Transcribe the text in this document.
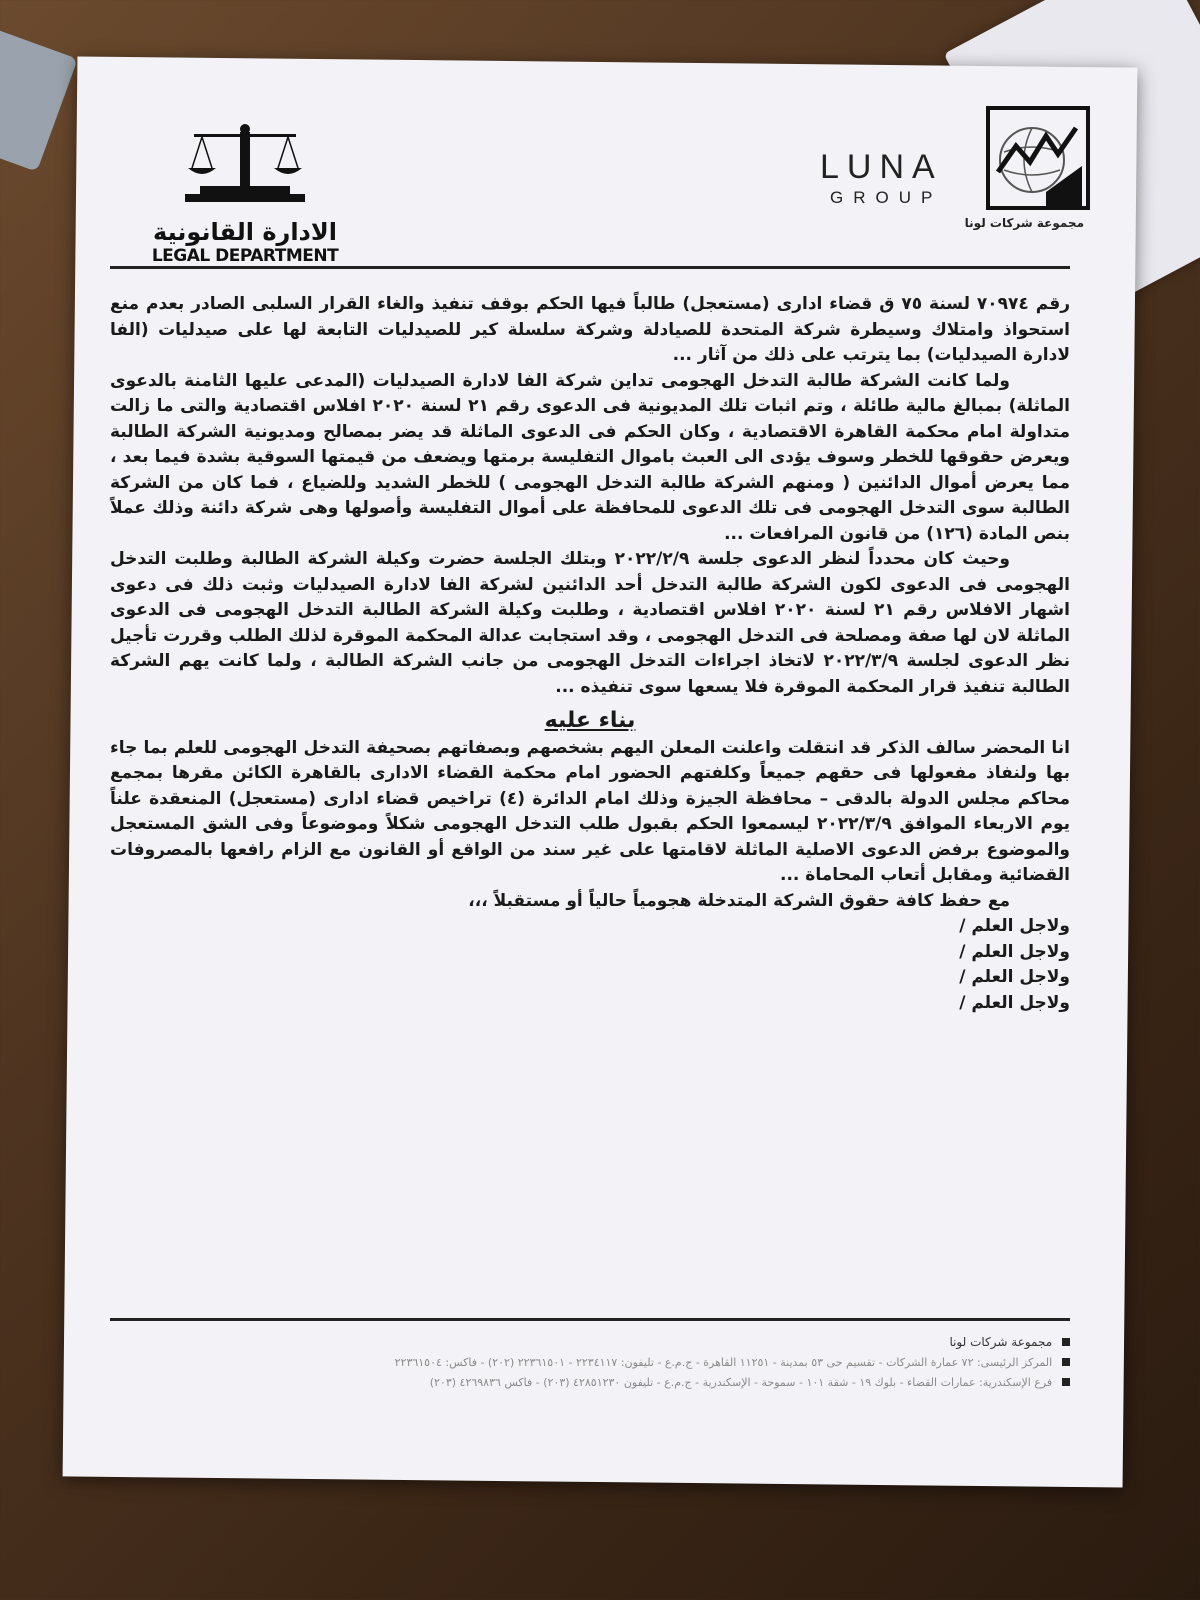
الادارة القانونية
LEGAL DEPARTMENT
LUNA
GROUP
مجموعة شركات لونا

رقم ٧٠٩٧٤ لسنة ٧٥ ق قضاء ادارى (مستعجل) طالباً فيها الحكم بوقف تنفيذ والغاء القرار السلبى الصادر بعدم منع استحواذ وامتلاك وسيطرة شركة المتحدة للصيادلة وشركة سلسلة كير للصيدليات التابعة لها على صيدليات (الفا لادارة الصيدليات) بما يترتب على ذلك من آثار ...

ولما كانت الشركة طالبة التدخل الهجومى تداين شركة الفا لادارة الصيدليات (المدعى عليها الثامنة بالدعوى الماثلة) بمبالغ مالية طائلة ، وتم اثبات تلك المديونية فى الدعوى رقم ٢١ لسنة ٢٠٢٠ افلاس اقتصادية والتى ما زالت متداولة امام محكمة القاهرة الاقتصادية ، وكان الحكم فى الدعوى الماثلة قد يضر بمصالح ومديونية الشركة الطالبة ويعرض حقوقها للخطر وسوف يؤدى الى العبث باموال التفليسة برمتها ويضعف من قيمتها السوقية بشدة فيما بعد ، مما يعرض أموال الدائنين ( ومنهم الشركة طالبة التدخل الهجومى ) للخطر الشديد وللضياع ، فما كان من الشركة الطالبة سوى التدخل الهجومى فى تلك الدعوى للمحافظة على أموال التفليسة وأصولها وهى شركة دائنة وذلك عملاً بنص المادة (١٢٦) من قانون المرافعات ...

وحيث كان محدداً لنظر الدعوى جلسة ٢٠٢٢/٢/٩ وبتلك الجلسة حضرت وكيلة الشركة الطالبة وطلبت التدخل الهجومى فى الدعوى لكون الشركة طالبة التدخل أحد الدائنين لشركة الفا لادارة الصيدليات وثبت ذلك فى دعوى اشهار الافلاس رقم ٢١ لسنة ٢٠٢٠ افلاس اقتصادية ، وطلبت وكيلة الشركة الطالبة التدخل الهجومى فى الدعوى الماثلة لان لها صفة ومصلحة فى التدخل الهجومى ، وقد استجابت عدالة المحكمة الموقرة لذلك الطلب وقررت تأجيل نظر الدعوى لجلسة ٢٠٢٢/٣/٩ لاتخاذ اجراءات التدخل الهجومى من جانب الشركة الطالبة ، ولما كانت يهم الشركة الطالبة تنفيذ قرار المحكمة الموقرة فلا يسعها سوى تنفيذه ...

بناء عليه

انا المحضر سالف الذكر قد انتقلت واعلنت المعلن اليهم بشخصهم وبصفاتهم بصحيفة التدخل الهجومى للعلم بما جاء بها ولنفاذ مفعولها فى حقهم جميعاً وكلفتهم الحضور امام محكمة القضاء الادارى بالقاهرة الكائن مقرها بمجمع محاكم مجلس الدولة بالدقى – محافظة الجيزة وذلك امام الدائرة (٤) تراخيص قضاء ادارى (مستعجل) المنعقدة علناً يوم الاربعاء الموافق ٢٠٢٢/٣/٩ ليسمعوا الحكم بقبول طلب التدخل الهجومى شكلاً وموضوعاً وفى الشق المستعجل والموضوع برفض الدعوى الاصلية الماثلة لاقامتها على غير سند من الواقع أو القانون مع الزام رافعها بالمصروفات القضائية ومقابل أتعاب المحاماة ...

مع حفظ كافة حقوق الشركة المتدخلة هجومياً حالياً أو مستقبلاً ،،،

ولاجل العلم /

ولاجل العلم /

ولاجل العلم /

ولاجل العلم /

مجموعة شركات لونا
المركز الرئيسى: ٧٢ عمارة الشركات - تقسيم حى ٥٣ بمدينة - ١١٢٥١ القاهرة - ج.م.ع - تليفون: ٢٢٣٤١١٧ - ٢٢٣٦١٥٠١ (٢٠٢) - فاكس: ٢٢٣٦١٥٠٤
فرع الإسكندرية: عمارات القضاء - بلوك ١٩ - شقة ١٠١ - سموحة - الإسكندرية - ج.م.ع - تليفون ٤٢٨٥١٢٣٠ (٢٠٣) - فاكس ٤٢٦٩٨٣٦ (٢٠٣)
